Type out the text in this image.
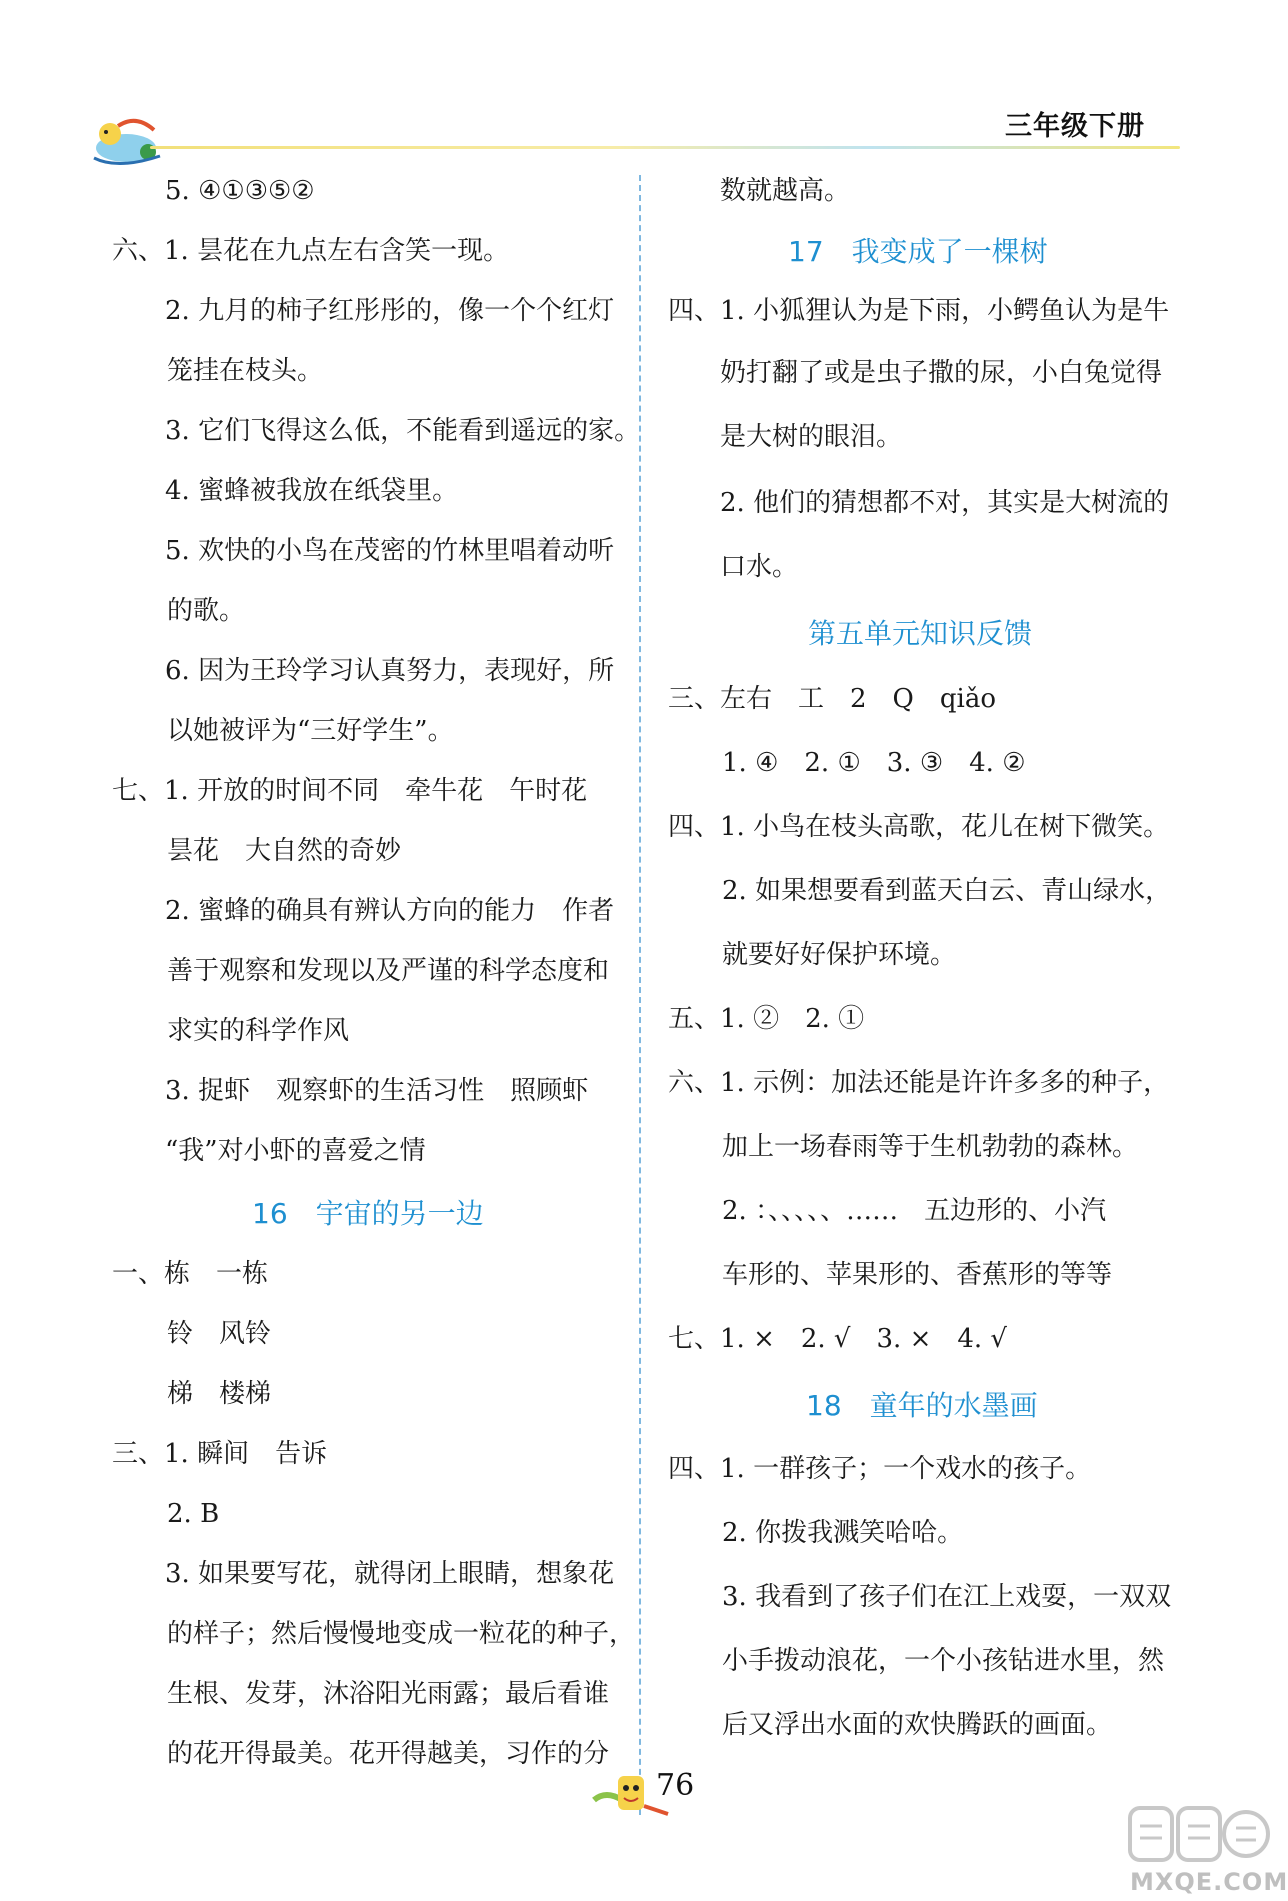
三年级下册
5. ④①③⑤②
六、1. 昙花在九点左右含笑一现。
2. 九月的柿子红彤彤的，像一个个红灯
笼挂在枝头。
3. 它们飞得这么低，不能看到遥远的家。
4. 蜜蜂被我放在纸袋里。
5. 欢快的小鸟在茂密的竹林里唱着动听
的歌。
6. 因为王玲学习认真努力，表现好，所
以她被评为“三好学生”。
七、1. 开放的时间不同　牵牛花　午时花
昙花　大自然的奇妙
2. 蜜蜂的确具有辨认方向的能力　作者
善于观察和发现以及严谨的科学态度和
求实的科学作风
3. 捉虾　观察虾的生活习性　照顾虾
“我”对小虾的喜爱之情
16　宇宙的另一边
一、栋　一栋
铃　风铃
梯　楼梯
三、1. 瞬间　告诉
2. B
3. 如果要写花，就得闭上眼睛，想象花
的样子；然后慢慢地变成一粒花的种子，
生根、发芽，沐浴阳光雨露；最后看谁
的花开得最美。花开得越美，习作的分
数就越高。
17　我变成了一棵树
四、1. 小狐狸认为是下雨，小鳄鱼认为是牛
奶打翻了或是虫子撒的尿，小白兔觉得
是大树的眼泪。
2. 他们的猜想都不对，其实是大树流的
口水。
第五单元知识反馈
三、左右　工　2　Q　qiǎo
1. ④　2. ①　3. ③　4. ②
四、1. 小鸟在枝头高歌，花儿在树下微笑。
2. 如果想要看到蓝天白云、青山绿水，
就要好好保护环境。
五、1. ②　2. ①
六、1. 示例：加法还能是许许多多的种子，
加上一场春雨等于生机勃勃的森林。
2. ：、、、、、……　五边形的、小汽
车形的、苹果形的、香蕉形的等等
七、1. ×　2. √　3. ×　4. √
18　童年的水墨画
四、1. 一群孩子；一个戏水的孩子。
2. 你拨我溅笑哈哈。
3. 我看到了孩子们在江上戏耍，一双双
小手拨动浪花，一个小孩钻进水里，然
后又浮出水面的欢快腾跃的画面。
76
MXQE.COM
